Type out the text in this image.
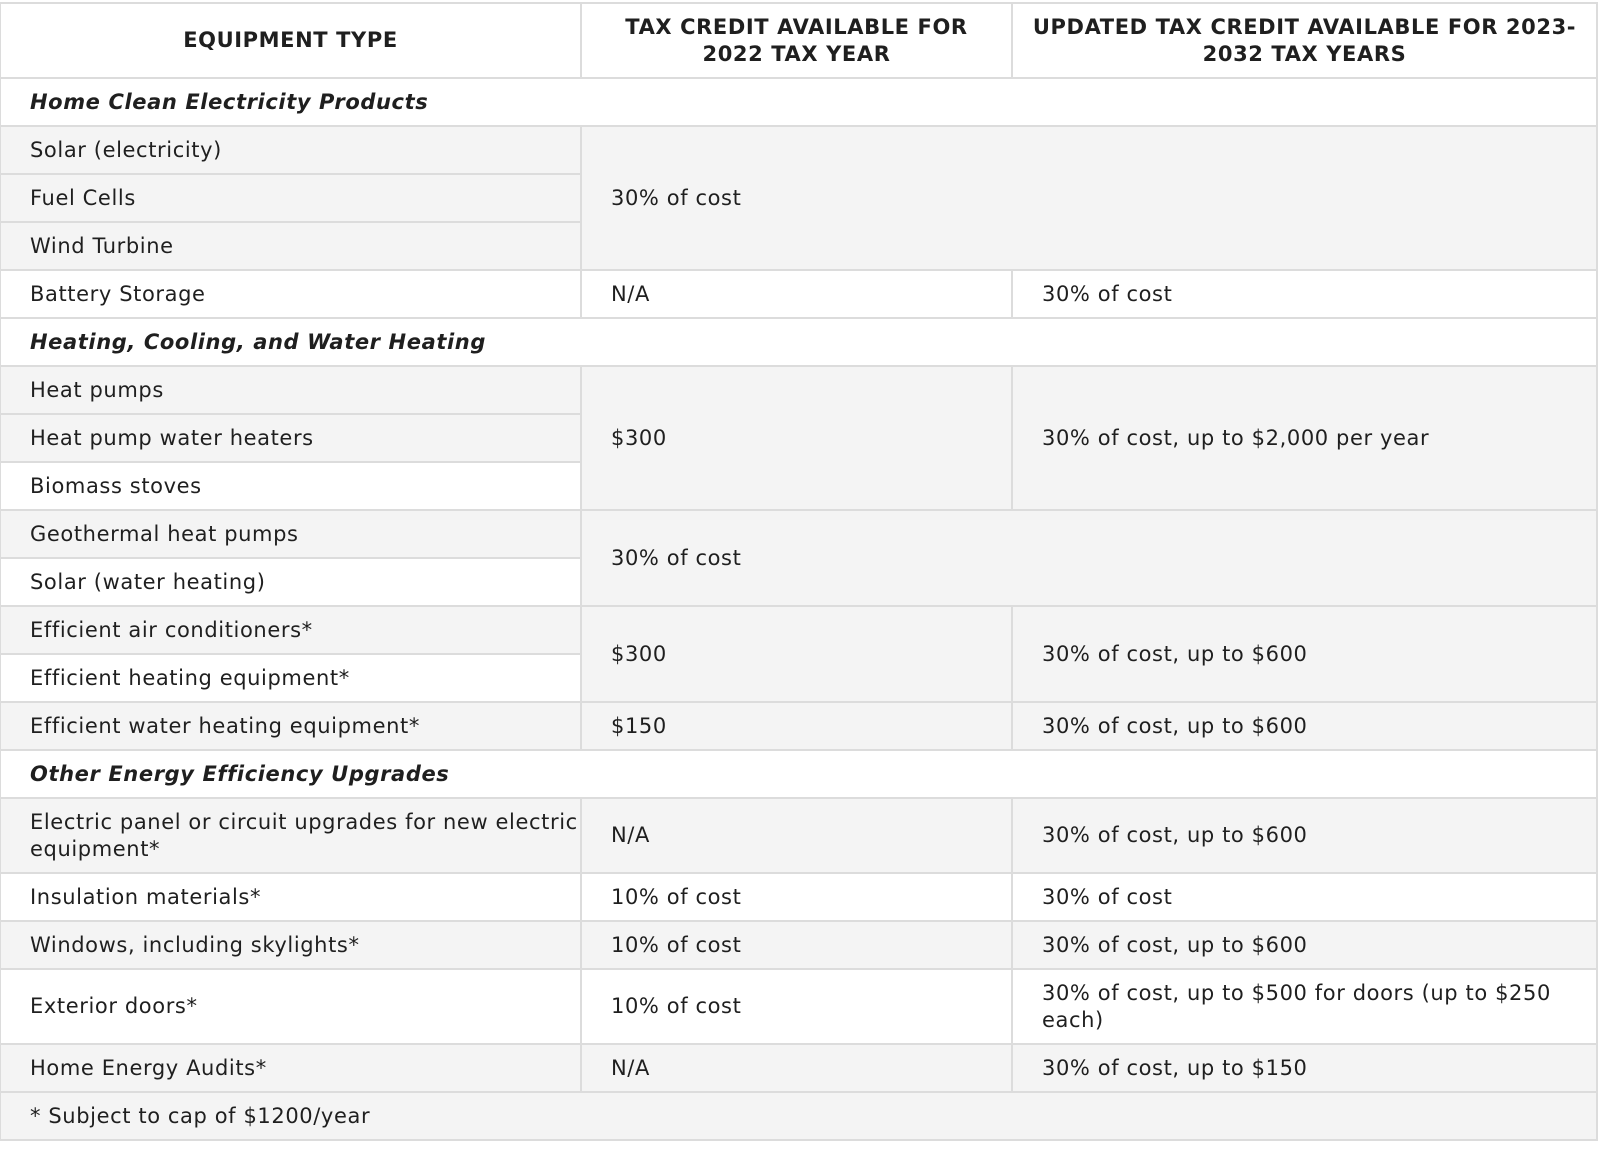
EQUIPMENT TYPE	TAX CREDIT AVAILABLE FOR 2022 TAX YEAR	UPDATED TAX CREDIT AVAILABLE FOR 2023-2032 TAX YEARS
Home Clean Electricity Products		
Solar (electricity)	30% of cost	
Fuel Cells		
Wind Turbine		
Battery Storage	N/A	30% of cost
Heating, Cooling, and Water Heating		
Heat pumps	$300	30% of cost, up to $2,000 per year
Heat pump water heaters		
Biomass stoves		
Geothermal heat pumps	30% of cost	
Solar (water heating)		
Efficient air conditioners*	$300	30% of cost, up to $600
Efficient heating equipment*		
Efficient water heating equipment*	$150	30% of cost, up to $600
Other Energy Efficiency Upgrades		
Electric panel or circuit upgrades for new electric equipment*	N/A	30% of cost, up to $600
Insulation materials*	10% of cost	30% of cost
Windows, including skylights*	10% of cost	30% of cost, up to $600
Exterior doors*	10% of cost	30% of cost, up to $500 for doors (up to $250 each)
Home Energy Audits*	N/A	30% of cost, up to $150
* Subject to cap of $1200/year		
